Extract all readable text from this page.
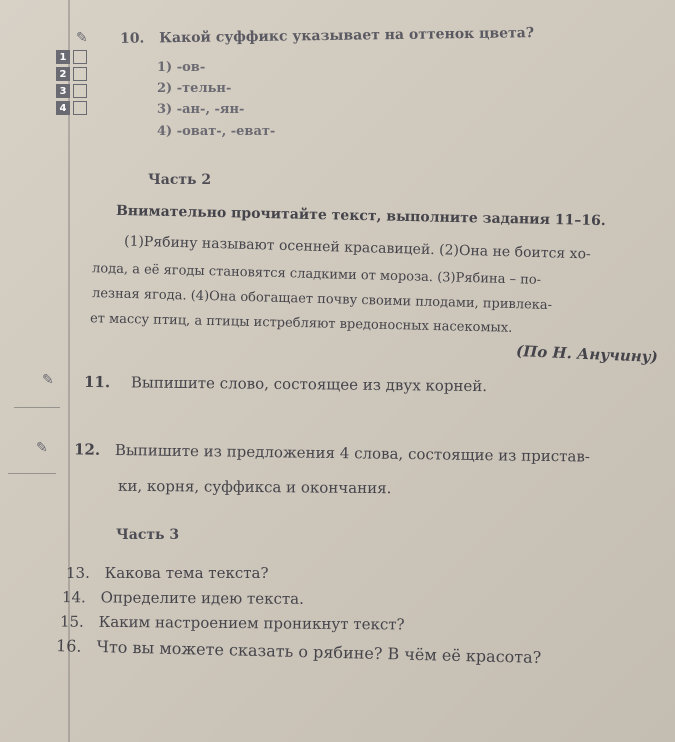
✎ 10. Какой суффикс указывает на оттенок цвета?
1
2
3
4
1) -ов-
2) -тельн-
3) -ан-, -ян-
4) -оват-, -еват-
Часть 2
Внимательно прочитайте текст, выполните задания 11–16.
(1)Рябину называют осенней красавицей. (2)Она не боится хо-
лода, а её ягоды становятся сладкими от мороза. (3)Рябина – по-
лезная ягода. (4)Она обогащает почву своими плодами, привлека-
ет массу птиц, а птицы истребляют вредоносных насекомых.
(По Н. Анучину)
✎ 11. Выпишите слово, состоящее из двух корней.
✎ 12. Выпишите из предложения 4 слова, состоящие из пристав-
ки, корня, суффикса и окончания.
Часть 3
13. Какова тема текста?
14. Определите идею текста.
15. Каким настроением проникнут текст?
16. Что вы можете сказать о рябине? В чём её красота?
